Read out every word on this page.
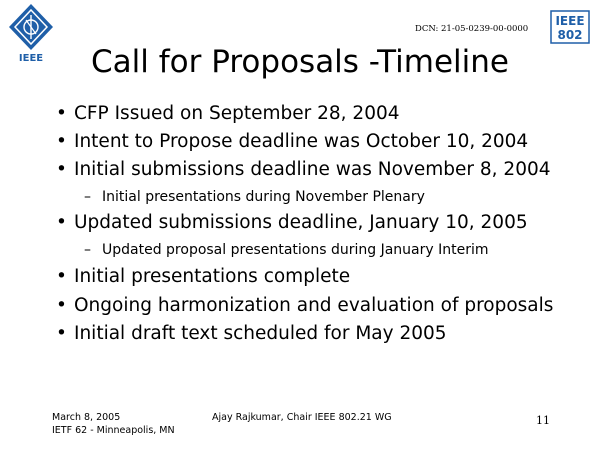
IEEE
DCN: 21-05-0239-00-0000
IEEE
802
Call for Proposals -Timeline
• CFP Issued on September 28, 2004
• Intent to Propose deadline was October 10, 2004
• Initial submissions deadline was November 8, 2004
– Initial presentations during November Plenary
• Updated submissions deadline, January 10, 2005
– Updated proposal presentations during January Interim
• Initial presentations complete
• Ongoing harmonization and evaluation of proposals
• Initial draft text scheduled for May 2005
March 8, 2005
IETF 62 - Minneapolis, MN
Ajay Rajkumar, Chair IEEE 802.21 WG	11
